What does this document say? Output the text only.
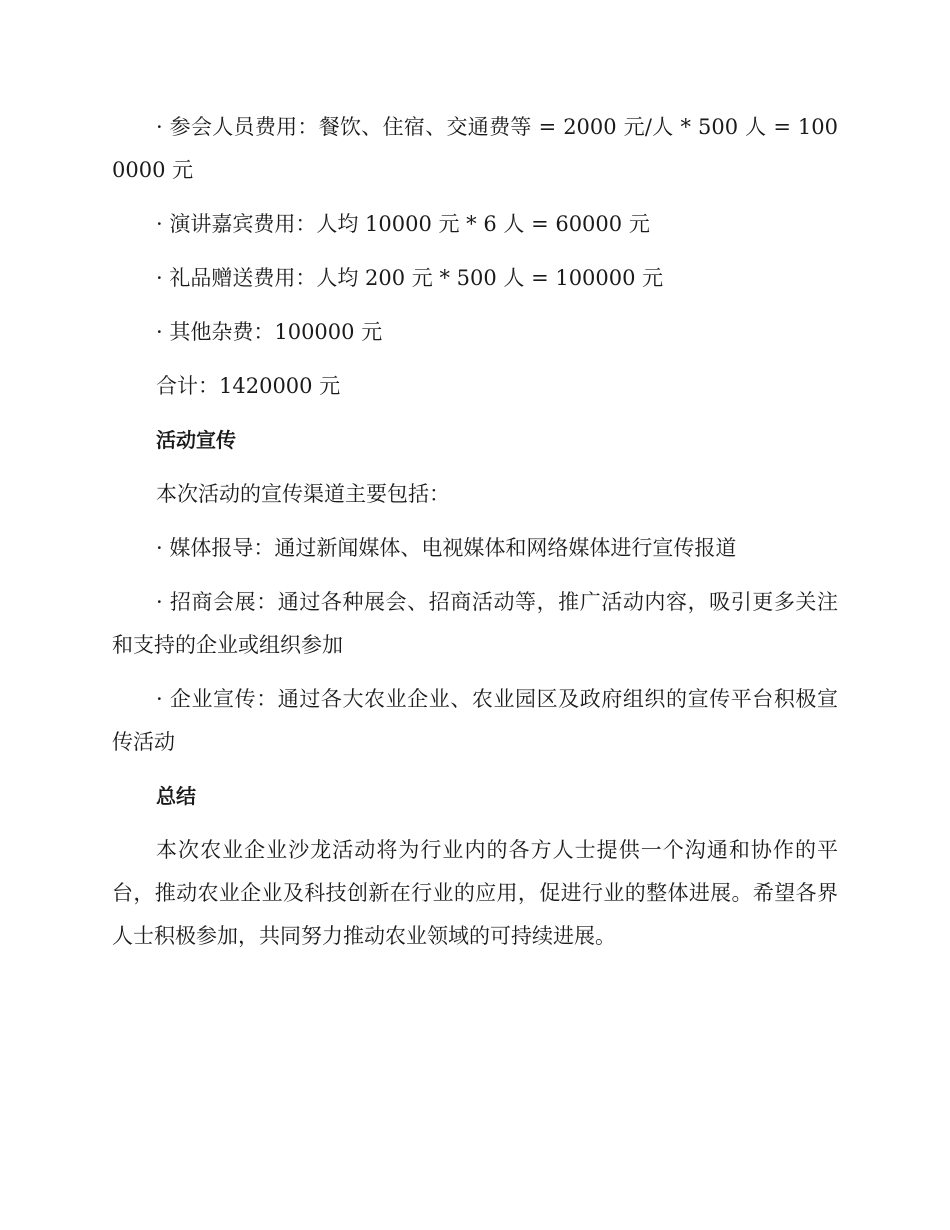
· 参会人员费用：餐饮、住宿、交通费等 = 2000 元/人 * 500 人 = 1000000 元

· 演讲嘉宾费用：人均 10000 元 * 6 人 = 60000 元

· 礼品赠送费用：人均 200 元 * 500 人 = 100000 元

· 其他杂费：100000 元

合计：1420000 元

活动宣传

本次活动的宣传渠道主要包括：

· 媒体报导：通过新闻媒体、电视媒体和网络媒体进行宣传报道

· 招商会展：通过各种展会、招商活动等，推广活动内容，吸引更多关注和支持的企业或组织参加

· 企业宣传：通过各大农业企业、农业园区及政府组织的宣传平台积极宣传活动

总结

本次农业企业沙龙活动将为行业内的各方人士提供一个沟通和协作的平台，推动农业企业及科技创新在行业的应用，促进行业的整体进展。希望各界人士积极参加，共同努力推动农业领域的可持续进展。
